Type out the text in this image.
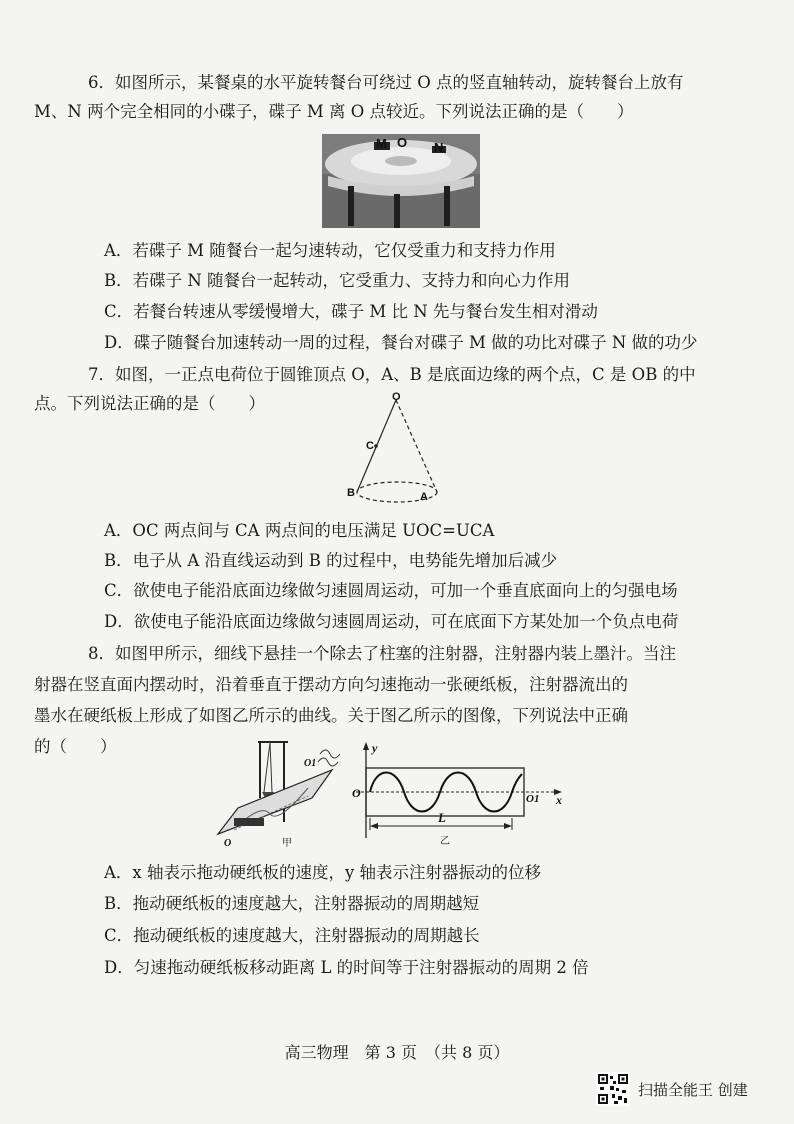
6．如图所示，某餐桌的水平旋转餐台可绕过 O 点的竖直轴转动，旋转餐台上放有
M、N 两个完全相同的小碟子，碟子 M 离 O 点较近。下列说法正确的是（　　）
M O N
A．若碟子 M 随餐台一起匀速转动，它仅受重力和支持力作用
B．若碟子 N 随餐台一起转动，它受重力、支持力和向心力作用
C．若餐台转速从零缓慢增大，碟子 M 比 N 先与餐台发生相对滑动
D．碟子随餐台加速转动一周的过程，餐台对碟子 M 做的功比对碟子 N 做的功少
7．如图，一正点电荷位于圆锥顶点 O，A、B 是底面边缘的两个点，C 是 OB 的中
点。下列说法正确的是（　　）	O
C
B	A
A．OC 两点间与 CA 两点间的电压满足 UOC=UCA
B．电子从 A 沿直线运动到 B 的过程中，电势能先增加后减少
C．欲使电子能沿底面边缘做匀速圆周运动，可加一个垂直底面向上的匀强电场
D．欲使电子能沿底面边缘做匀速圆周运动，可在底面下方某处加一个负点电荷
8．如图甲所示，细线下悬挂一个除去了柱塞的注射器，注射器内装上墨汁。当注
射器在竖直面内摆动时，沿着垂直于摆动方向匀速拖动一张硬纸板，注射器流出的
墨水在硬纸板上形成了如图乙所示的曲线。关于图乙所示的图像，下列说法中正确
的（　　）
O
O1
甲
y
O	O1 x
L
乙
A．x 轴表示拖动硬纸板的速度，y 轴表示注射器振动的位移
B．拖动硬纸板的速度越大，注射器振动的周期越短
C．拖动硬纸板的速度越大，注射器振动的周期越长
D．匀速拖动硬纸板移动距离 L 的时间等于注射器振动的周期 2 倍
高三物理　第 3 页　（共 8 页）
扫描全能王 创建
